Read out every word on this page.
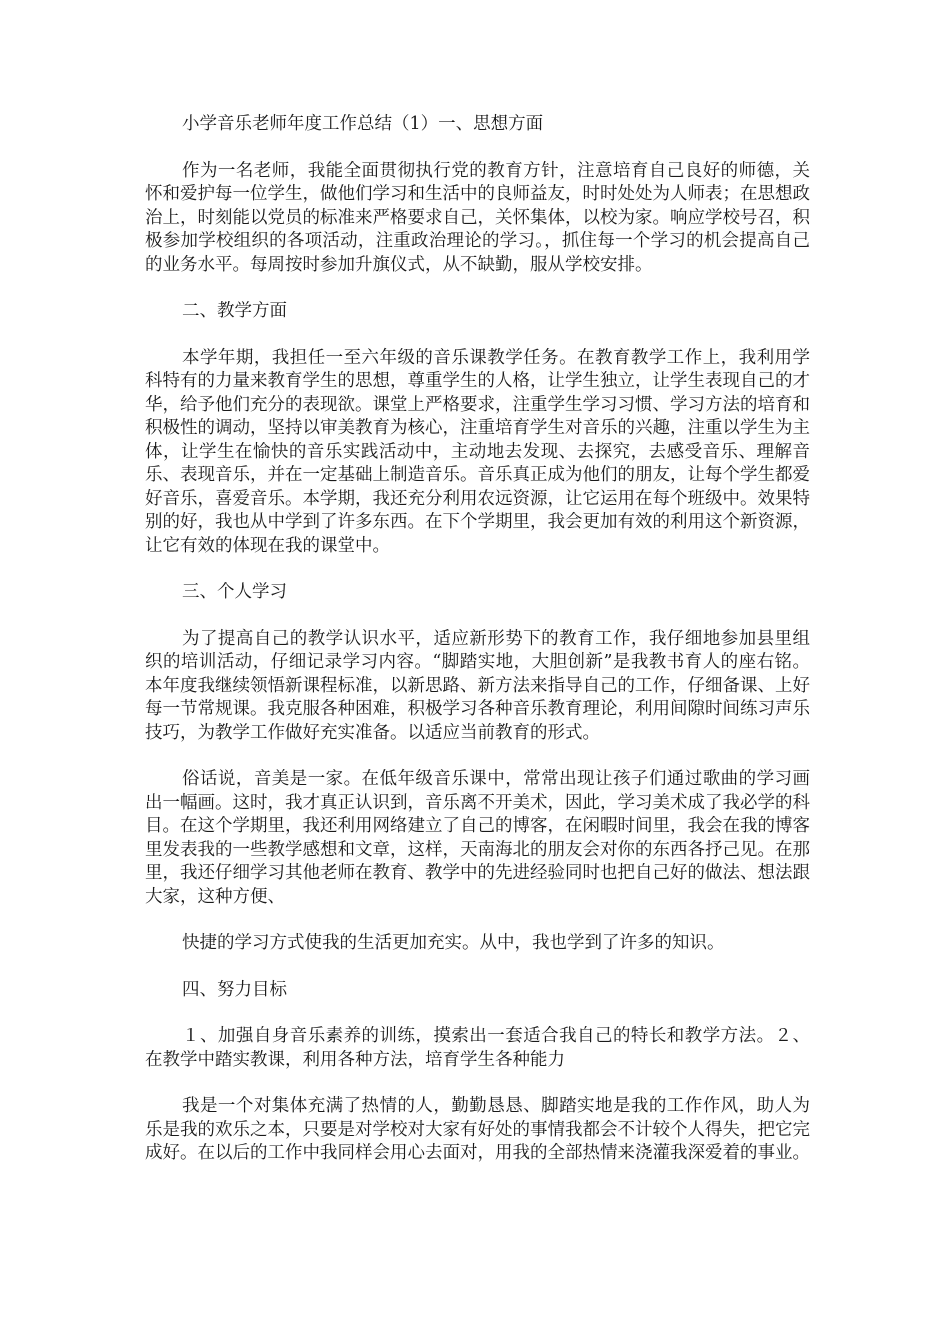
小学音乐老师年度工作总结（1）一、思想方面

作为一名老师，我能全面贯彻执行党的教育方针，注意培育自己良好的师德，关怀和爱护每一位学生，做他们学习和生活中的良师益友，时时处处为人师表；在思想政治上，时刻能以党员的标准来严格要求自己，关怀集体，以校为家。响应学校号召，积极参加学校组织的各项活动，注重政治理论的学习。，抓住每一个学习的机会提高自己的业务水平。每周按时参加升旗仪式，从不缺勤，服从学校安排。

二、教学方面

本学年期，我担任一至六年级的音乐课教学任务。在教育教学工作上，我利用学科特有的力量来教育学生的思想，尊重学生的人格，让学生独立，让学生表现自己的才华，给予他们充分的表现欲。课堂上严格要求，注重学生学习习惯、学习方法的培育和积极性的调动，坚持以审美教育为核心，注重培育学生对音乐的兴趣，注重以学生为主体，让学生在愉快的音乐实践活动中，主动地去发现、去探究，去感受音乐、理解音乐、表现音乐，并在一定基础上制造音乐。音乐真正成为他们的朋友，让每个学生都爱好音乐，喜爱音乐。本学期，我还充分利用农远资源，让它运用在每个班级中。效果特别的好，我也从中学到了许多东西。在下个学期里，我会更加有效的利用这个新资源，让它有效的体现在我的课堂中。

三、个人学习

为了提高自己的教学认识水平，适应新形势下的教育工作，我仔细地参加县里组织的培训活动，仔细记录学习内容。“脚踏实地，大胆创新”是我教书育人的座右铭。本年度我继续领悟新课程标准，以新思路、新方法来指导自己的工作，仔细备课、上好每一节常规课。我克服各种困难，积极学习各种音乐教育理论，利用间隙时间练习声乐技巧，为教学工作做好充实准备。以适应当前教育的形式。

俗话说，音美是一家。在低年级音乐课中，常常出现让孩子们通过歌曲的学习画出一幅画。这时，我才真正认识到，音乐离不开美术，因此，学习美术成了我必学的科目。在这个学期里，我还利用网络建立了自己的博客，在闲暇时间里，我会在我的博客里发表我的一些教学感想和文章，这样，天南海北的朋友会对你的东西各抒己见。在那里，我还仔细学习其他老师在教育、教学中的先进经验同时也把自己好的做法、想法跟大家，这种方便、

快捷的学习方式使我的生活更加充实。从中，我也学到了许多的知识。

四、努力目标

１、加强自身音乐素养的训练，摸索出一套适合我自己的特长和教学方法。２、在教学中踏实教课，利用各种方法，培育学生各种能力

我是一个对集体充满了热情的人，勤勤恳恳、脚踏实地是我的工作作风，助人为乐是我的欢乐之本，只要是对学校对大家有好处的事情我都会不计较个人得失，把它完成好。在以后的工作中我同样会用心去面对，用我的全部热情来浇灌我深爱着的事业。
